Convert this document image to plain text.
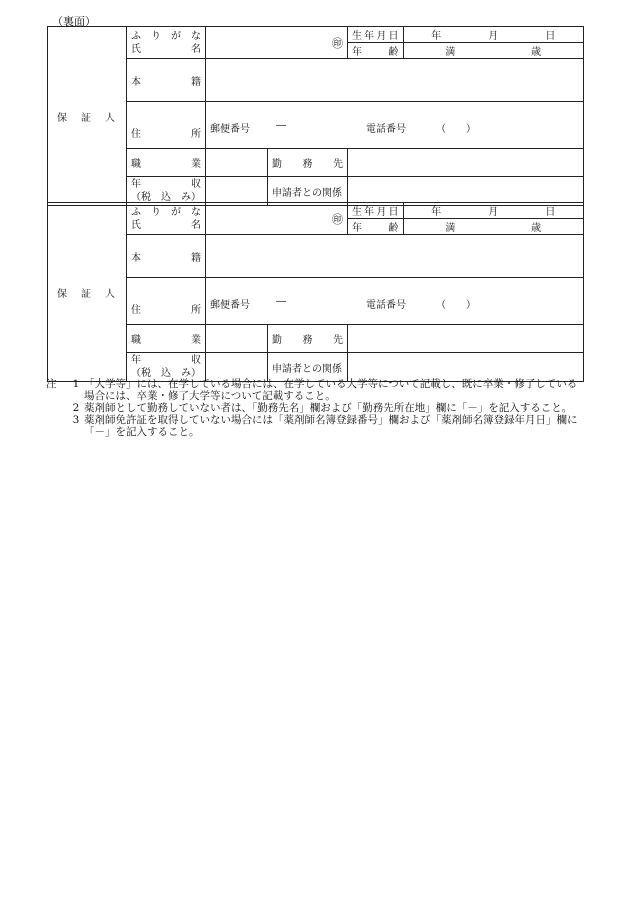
（裏面）
保　証　人	
ふ　り　が　な
氏　　　　　名	㊞	生年月日	年	月	日

年　齢	満	歳

本　　　籍	
住　　　所	郵便番号	―	電話番号	（　　）

職　　　業		勤　務　先	

年　　　　　収
（税　込　み）		申請者との関係	
保　証　人	
ふ　り　が　な
氏　　　　　名	㊞	生年月日	年	月	日

年　齢	満	歳

本　　　籍	
住　　　所	郵便番号	―	電話番号	（　　）

職　　　業		勤　務　先	

年　　　　　収
（税　込　み）		申請者との関係	
注	1 「大学等」には、在学している場合には、在学している大学等について記載し、既に卒業・修了している場合には、卒業・修了大学等について記載すること。
2 薬剤師として勤務していない者は、「勤務先名」欄および「勤務先所在地」欄に「－」を記入すること。
3 薬剤師免許証を取得していない場合には「薬剤師名簿登録番号」欄および「薬剤師名簿登録年月日」欄に「－」を記入すること。
